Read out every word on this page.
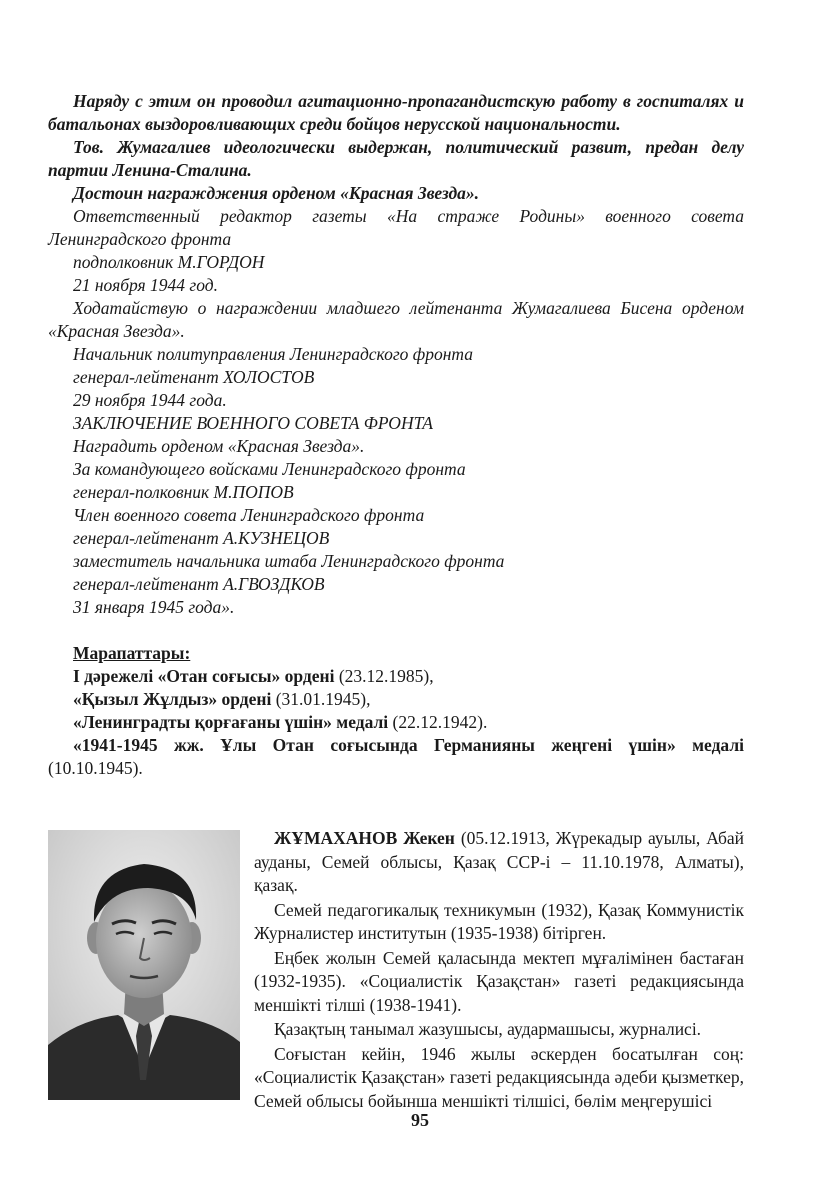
Наряду с этим он проводил агитационно-пропагандистскую работу в госпиталях и батальонах выздоровливающих среди бойцов нерусской национальности.

Тов. Жумагалиев идеологически выдержан, политический развит, предан делу партии Ленина-Сталина.

Достоин награжджения орденом «Красная Звезда».

Ответственный редактор газеты «На страже Родины» военного совета Ленинградского фронта

подполковник М.ГОРДОН

21 ноября 1944 год.

Ходатайствую о награждении младшего лейтенанта Жумагалиева Бисена орденом «Красная Звезда».

Начальник политуправления Ленинградского фронта

генерал-лейтенант ХОЛОСТОВ

29 ноября 1944 года.

ЗАКЛЮЧЕНИЕ ВОЕННОГО СОВЕТА ФРОНТА

Наградить орденом «Красная Звезда».

За командующего войсками Ленинградского фронта

генерал-полковник М.ПОПОВ

Член военного совета Ленинградского фронта

генерал-лейтенант А.КУЗНЕЦОВ

заместитель начальника штаба Ленинградского фронта

генерал-лейтенант А.ГВОЗДКОВ

31 января 1945 года».

Марапаттары:

І дәрежелі «Отан соғысы» ордені (23.12.1985),

«Қызыл Жұлдыз» ордені (31.01.1945),

«Ленинградты қорғағаны үшін» медалі (22.12.1942).

«1941-1945 жж. Ұлы Отан соғысында Германияны жеңгені үшін» медалі (10.10.1945).

ЖҰМАХАНОВ Жекен (05.12.1913, Жүрекадыр ауылы, Абай ауданы, Семей облысы, Қазақ ССР-і – 11.10.1978, Алматы), қазақ.

Семей педагогикалық техникумын (1932), Қазақ Коммунистік Журналистер институтын (1935-1938) бітірген.

Еңбек жолын Семей қаласында мектеп мұғалімінен бастаған (1932-1935). «Социалистік Қазақстан» газеті редакциясында меншікті тілші (1938-1941).

Қазақтың танымал жазушысы, аудармашысы, журналисі.

Соғыстан кейін, 1946 жылы әскерден босатылған соң: «Социалистік Қазақстан» газеті редакциясында әдеби қызметкер, Семей облысы бойынша меншікті тілшісі, бөлім меңгерушісі

95
